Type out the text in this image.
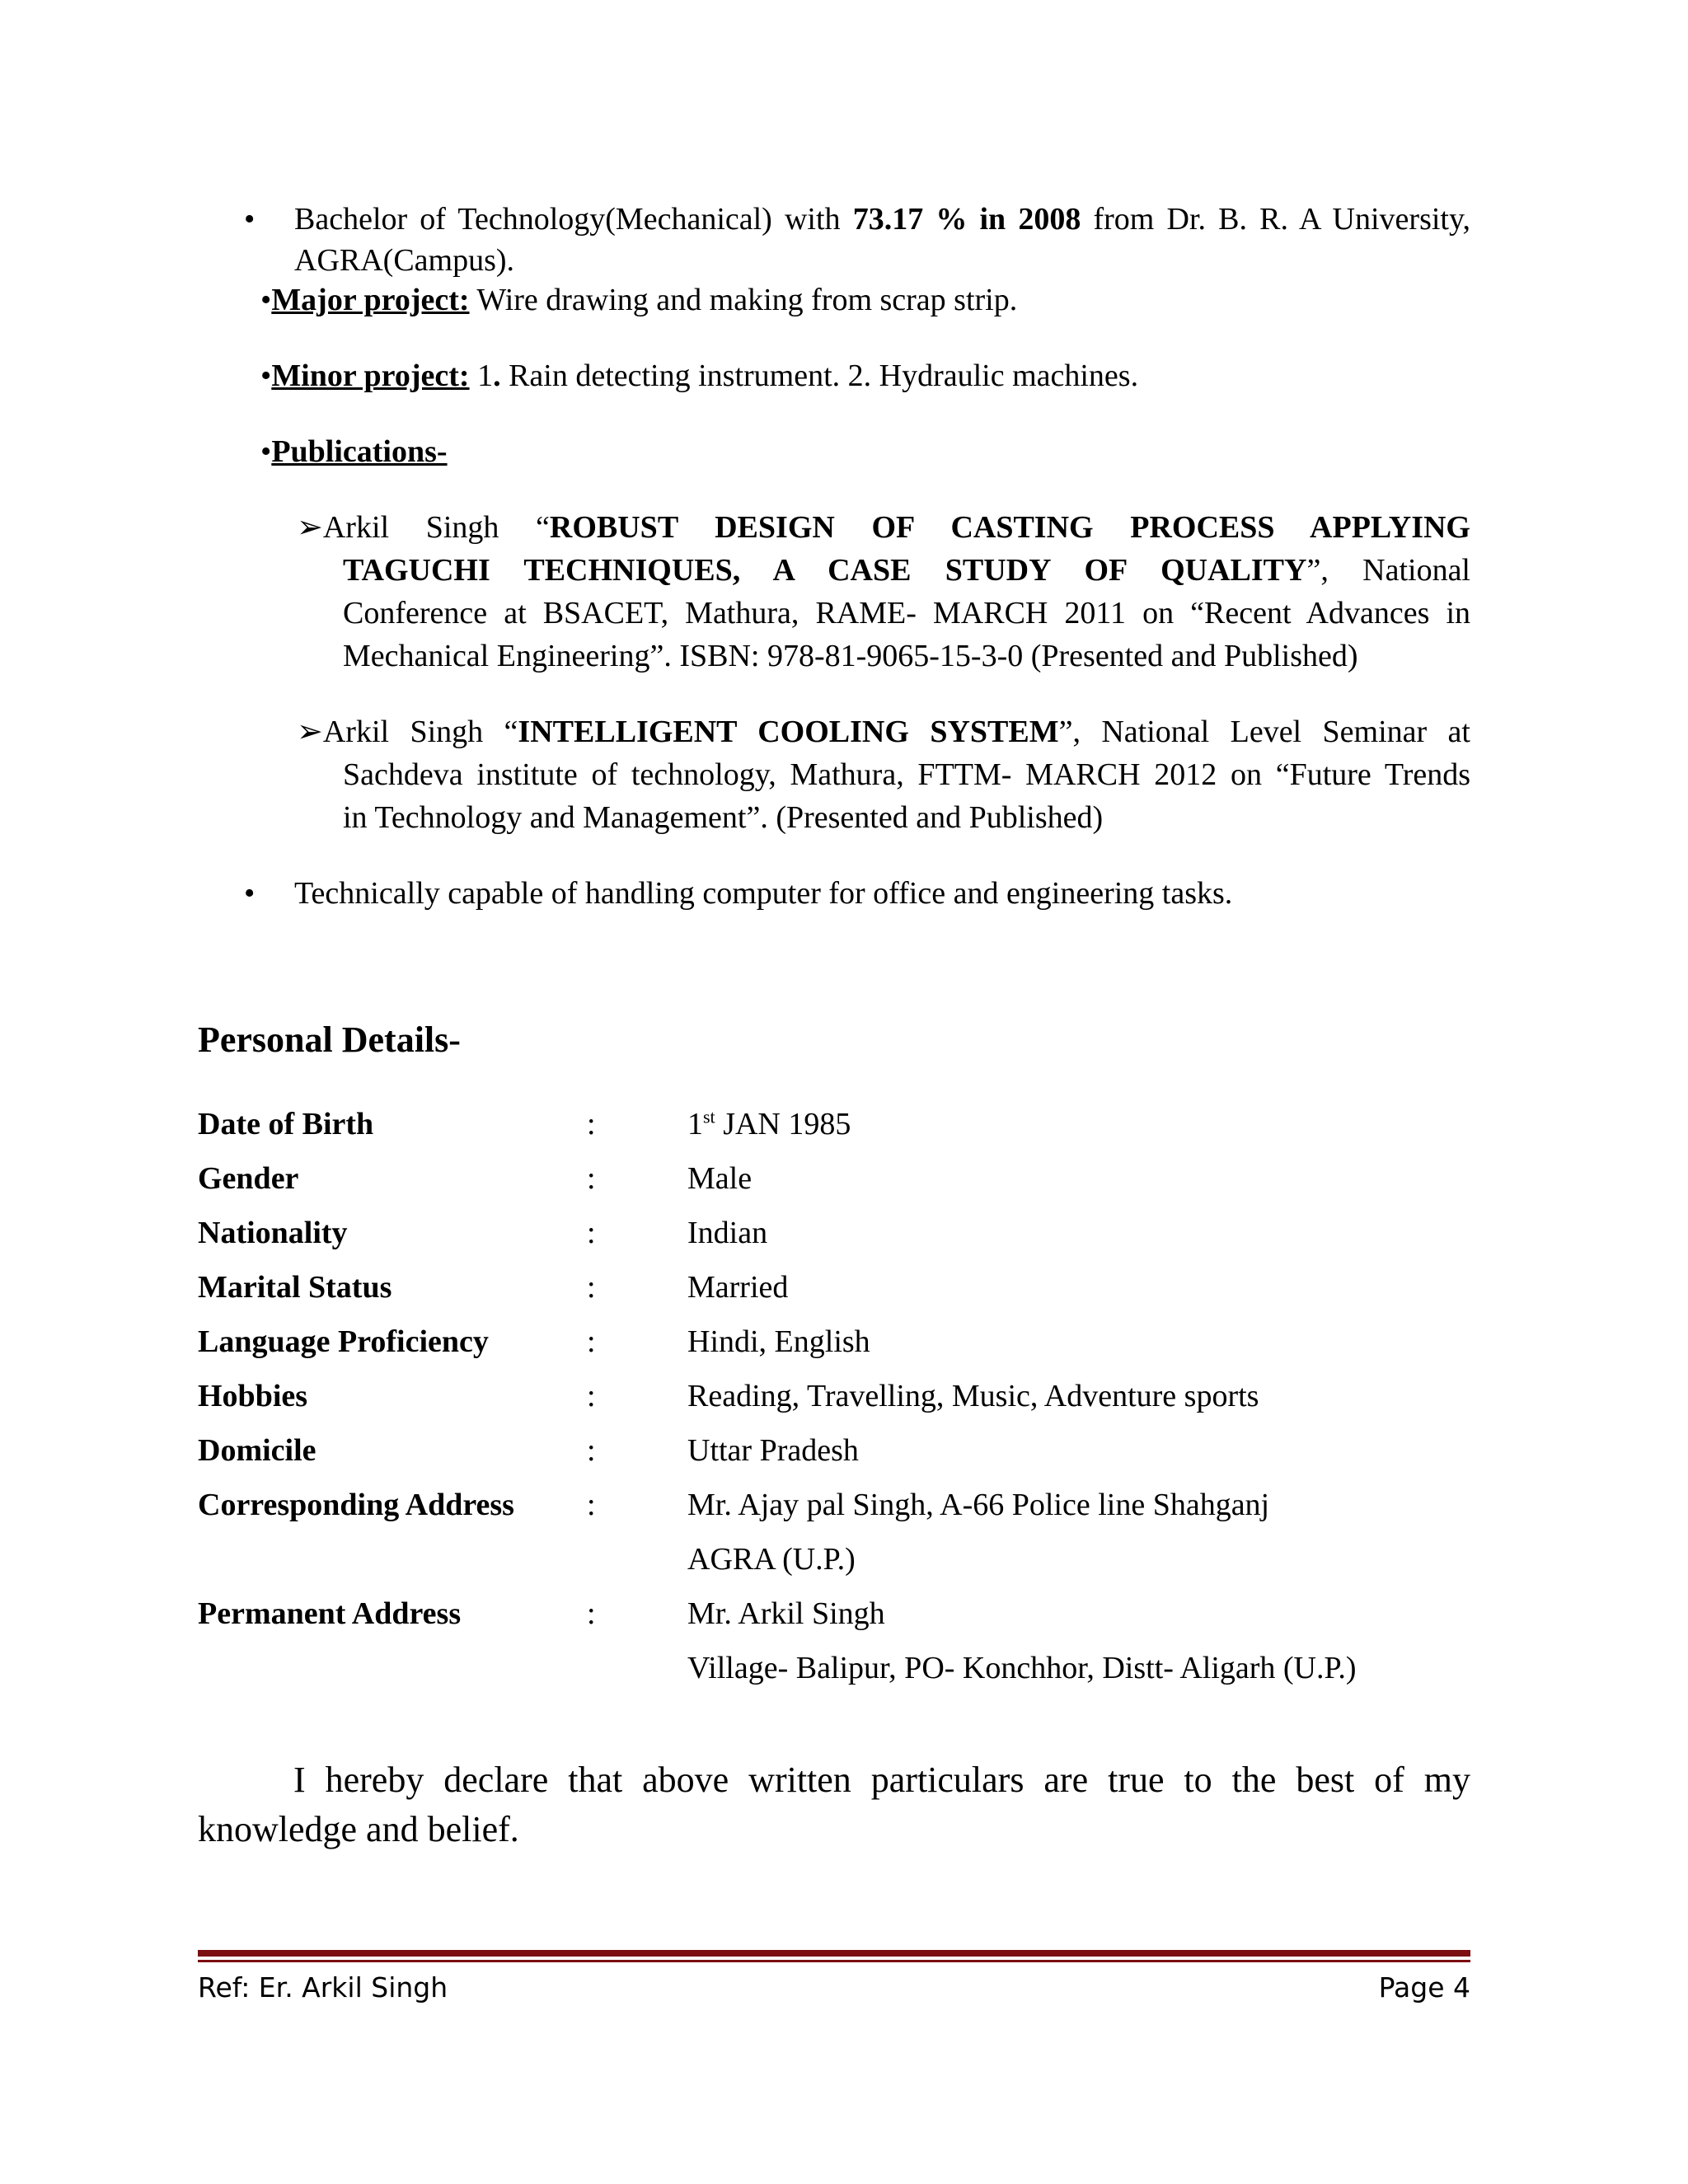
• Bachelor of Technology(Mechanical) with 73.17 % in 2008 from Dr. B. R. A University,
AGRA(Campus).
•Major project: Wire drawing and making from scrap strip.
•Minor project: 1. Rain detecting instrument. 2. Hydraulic machines.
•Publications-
➢Arkil Singh “ROBUST DESIGN OF CASTING PROCESS APPLYING
TAGUCHI TECHNIQUES, A CASE STUDY OF QUALITY”, National
Conference at BSACET, Mathura, RAME- MARCH 2011 on “Recent Advances in
Mechanical Engineering”. ISBN: 978-81-9065-15-3-0 (Presented and Published)
➢Arkil Singh “INTELLIGENT COOLING SYSTEM”, National Level Seminar at
Sachdeva institute of technology, Mathura, FTTM- MARCH 2012 on “Future Trends
in Technology and Management”. (Presented and Published)
• Technically capable of handling computer for office and engineering tasks.
Personal Details-
Date of Birth	:	1st JAN 1985
Gender	:	Male
Nationality	:	Indian
Marital Status	:	Married
Language Proficiency	:	Hindi, English
Hobbies	:	Reading, Travelling, Music, Adventure sports
Domicile	:	Uttar Pradesh
Corresponding Address :	Mr. Ajay pal Singh, A-66 Police line Shahganj
AGRA (U.P.)
Permanent Address	:	Mr. Arkil Singh
Village- Balipur, PO- Konchhor, Distt- Aligarh (U.P.)
I hereby declare that above written particulars are true to the best of my
knowledge and belief.
Ref: Er. Arkil Singh	Page 4
